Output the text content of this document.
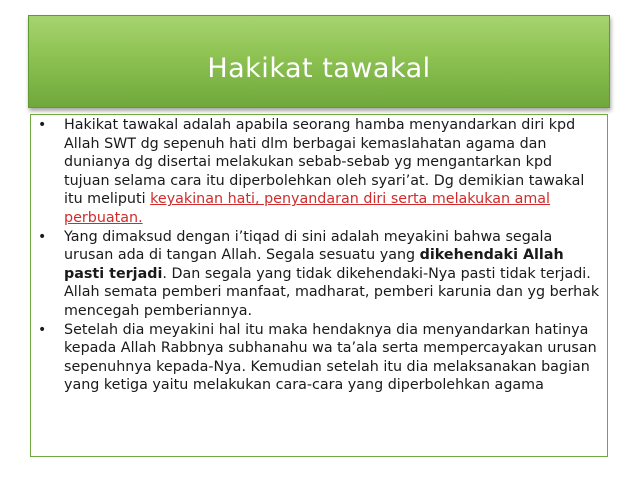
Hakikat tawakal
• Hakikat tawakal adalah apabila seorang hamba menyandarkan diri kpd Allah SWT dg sepenuh hati dlm berbagai kemaslahatan agama dan dunianya dg disertai melakukan sebab-sebab yg mengantarkan kpd tujuan selama cara itu diperbolehkan oleh syari’at. Dg demikian tawakal itu meliputi keyakinan hati, penyandaran diri serta melakukan amal perbuatan.
• Yang dimaksud dengan i’tiqad di sini adalah meyakini bahwa segala urusan ada di tangan Allah. Segala sesuatu yang dikehendaki Allah pasti terjadi. Dan segala yang tidak dikehendaki-Nya pasti tidak terjadi. Allah semata pemberi manfaat, madharat, pemberi karunia dan yg berhak mencegah pemberiannya.
• Setelah dia meyakini hal itu maka hendaknya dia menyandarkan hatinya kepada Allah Rabbnya subhanahu wa ta’ala serta mempercayakan urusan sepenuhnya kepada-Nya. Kemudian setelah itu dia melaksanakan bagian yang ketiga yaitu melakukan cara-cara yang diperbolehkan agama
